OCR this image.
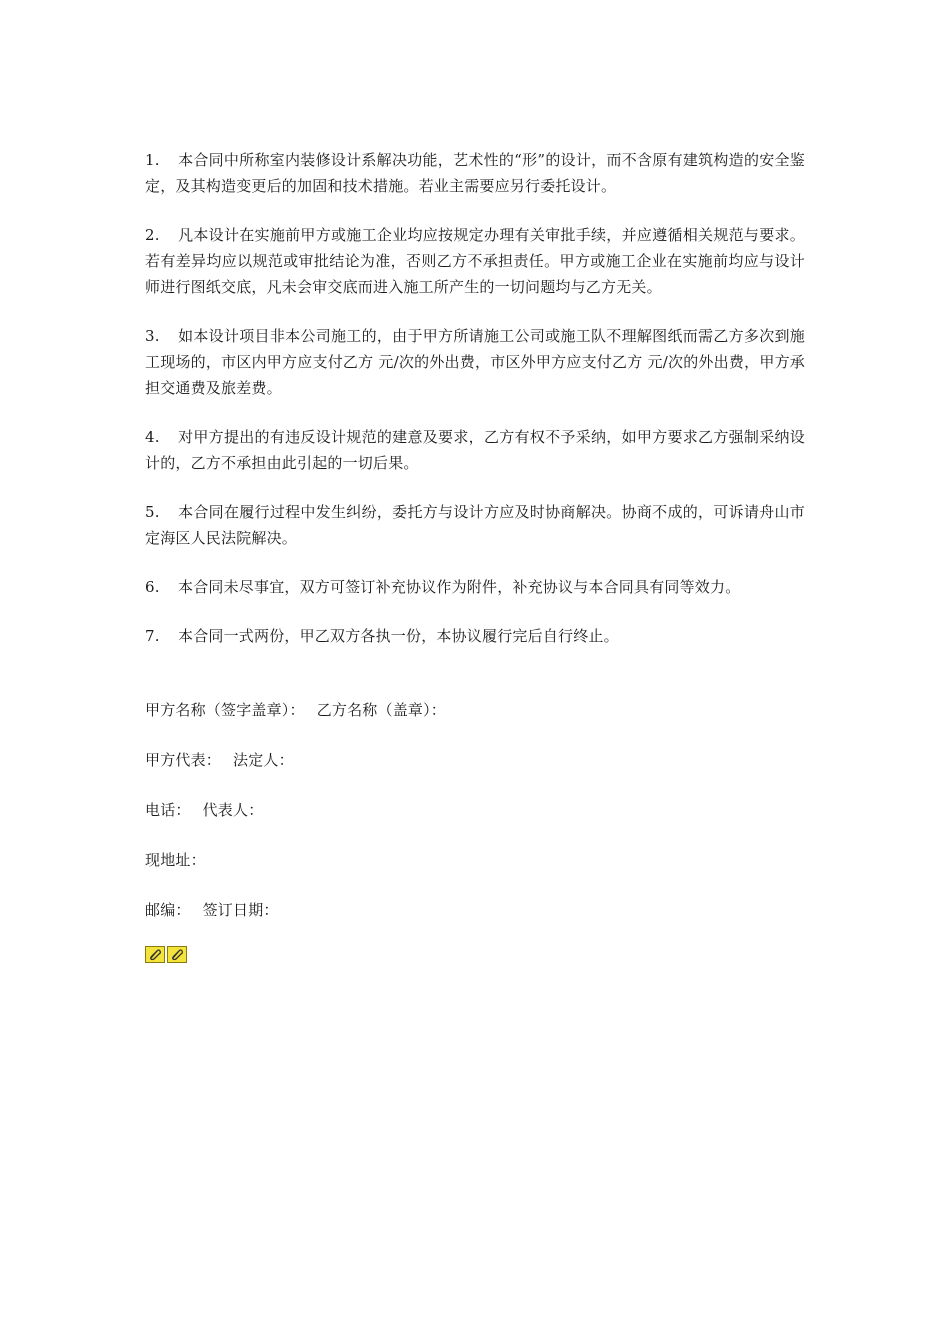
1. 本合同中所称室内装修设计系解决功能，艺术性的“形”的设计，而不含原有建筑构造的安全鉴定，及其构造变更后的加固和技术措施。若业主需要应另行委托设计。

2. 凡本设计在实施前甲方或施工企业均应按规定办理有关审批手续，并应遵循相关规范与要求。若有差异均应以规范或审批结论为准，否则乙方不承担责任。甲方或施工企业在实施前均应与设计师进行图纸交底，凡未会审交底而进入施工所产生的一切问题均与乙方无关。

3. 如本设计项目非本公司施工的，由于甲方所请施工公司或施工队不理解图纸而需乙方多次到施工现场的，市区内甲方应支付乙方 元/次的外出费，市区外甲方应支付乙方 元/次的外出费，甲方承担交通费及旅差费。

4. 对甲方提出的有违反设计规范的建意及要求，乙方有权不予采纳，如甲方要求乙方强制采纳设计的，乙方不承担由此引起的一切后果。

5. 本合同在履行过程中发生纠纷，委托方与设计方应及时协商解决。协商不成的，可诉请舟山市定海区人民法院解决。

6. 本合同未尽事宜，双方可签订补充协议作为附件，补充协议与本合同具有同等效力。

7. 本合同一式两份，甲乙双方各执一份，本协议履行完后自行终止。

甲方名称（签字盖章）： 乙方名称（盖章）：

甲方代表： 法定人：

电话： 代表人：

现地址：

邮编： 签订日期：
